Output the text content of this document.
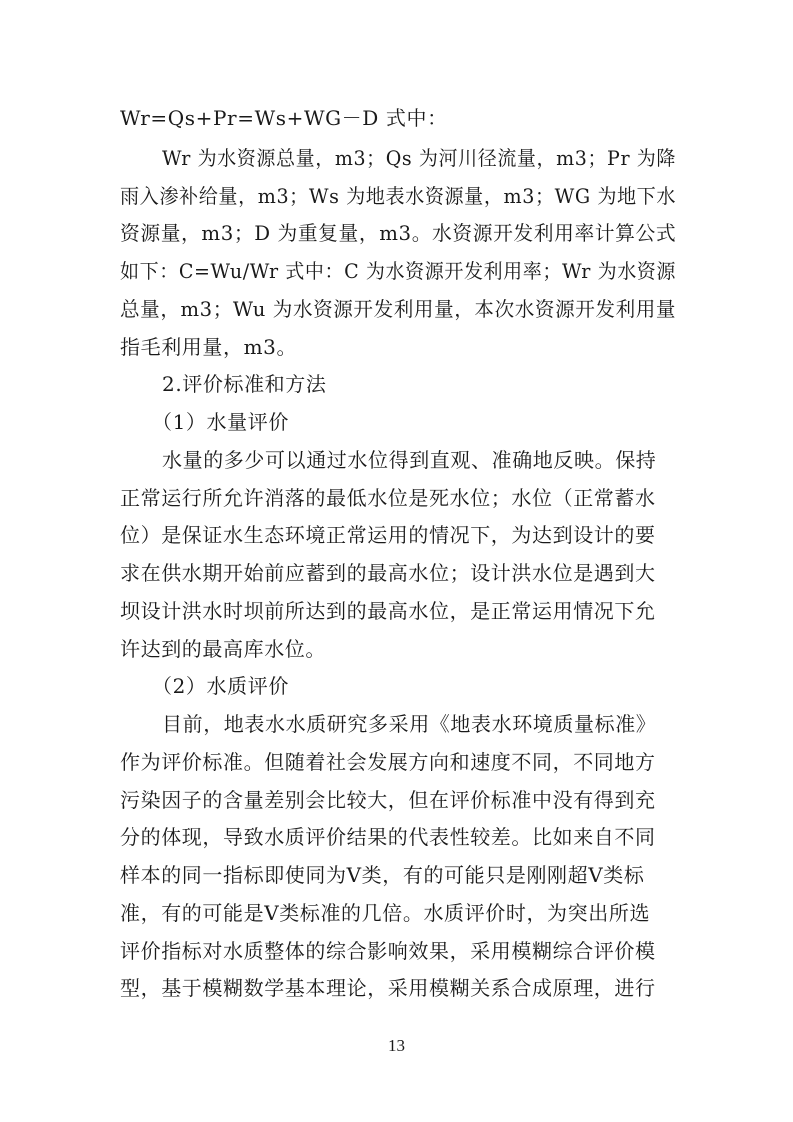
Wr=Qs+Pr=Ws+WG－D 式中：
Wr 为水资源总量，m3；Qs 为河川径流量，m3；Pr 为降
雨入渗补给量，m3；Ws 为地表水资源量，m3；WG 为地下水
资源量，m3；D 为重复量，m3。水资源开发利用率计算公式
如下：C=Wu/Wr 式中：C 为水资源开发利用率；Wr 为水资源
总量，m3；Wu 为水资源开发利用量，本次水资源开发利用量
指毛利用量，m3。
2.评价标准和方法
（1）水量评价
水量的多少可以通过水位得到直观、准确地反映。保持
正常运行所允许消落的最低水位是死水位；水位（正常蓄水
位）是保证水生态环境正常运用的情况下，为达到设计的要
求在供水期开始前应蓄到的最高水位；设计洪水位是遇到大
坝设计洪水时坝前所达到的最高水位，是正常运用情况下允
许达到的最高库水位。
（2）水质评价
目前，地表水水质研究多采用《地表水环境质量标准》
作为评价标准。但随着社会发展方向和速度不同，不同地方
污染因子的含量差别会比较大，但在评价标准中没有得到充
分的体现，导致水质评价结果的代表性较差。比如来自不同
样本的同一指标即使同为Ⅴ类，有的可能只是刚刚超Ⅴ类标
准，有的可能是Ⅴ类标准的几倍。水质评价时，为突出所选
评价指标对水质整体的综合影响效果，采用模糊综合评价模
型，基于模糊数学基本理论，采用模糊关系合成原理，进行
13
